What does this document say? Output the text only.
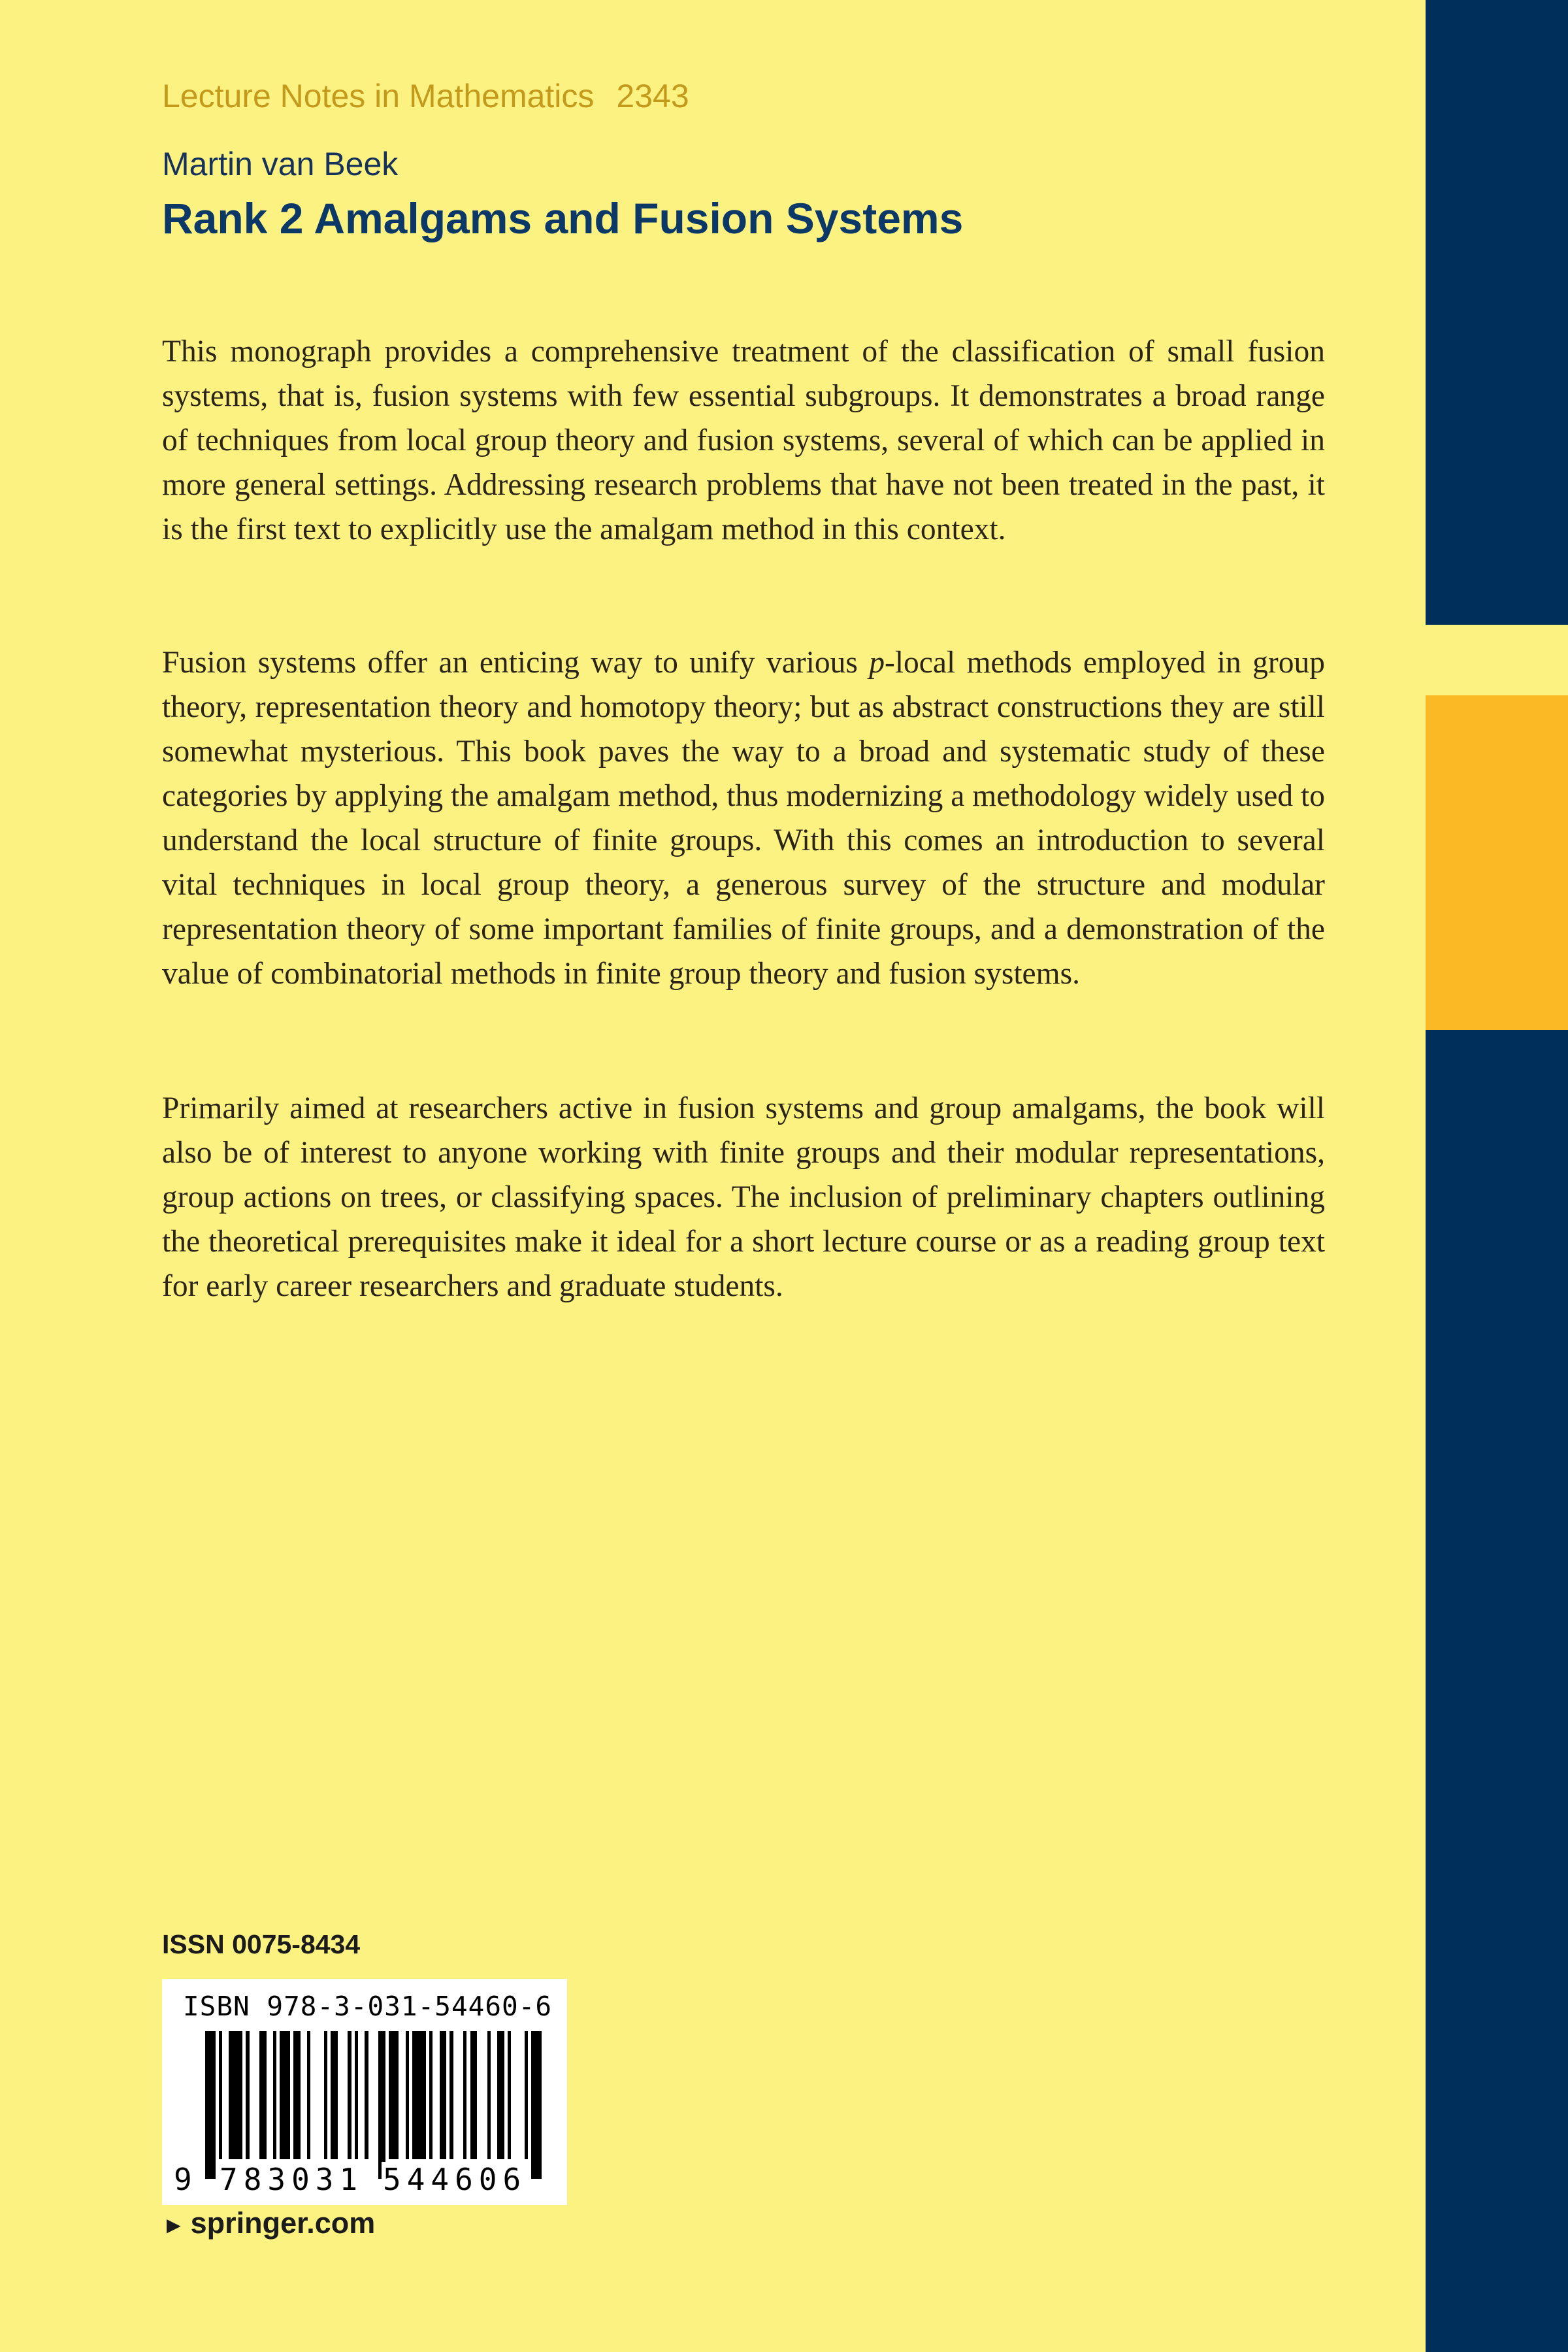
Lecture Notes in Mathematics 2343
Martin van Beek
Rank 2 Amalgams and Fusion Systems

This monograph provides a comprehensive treatment of the classification of small fusion systems, that is, fusion systems with few essential subgroups. It demonstrates a broad range of techniques from local group theory and fusion systems, several of which can be applied in more general settings. Addressing research problems that have not been treated in the past, it is the first text to explicitly use the amalgam method in this context.

Fusion systems offer an enticing way to unify various p-local methods employed in group theory, representation theory and homotopy theory; but as abstract constructions they are still somewhat mysterious. This book paves the way to a broad and systematic study of these categories by applying the amalgam method, thus modernizing a methodology widely used to understand the local structure of finite groups. With this comes an introduction to several vital techniques in local group theory, a generous survey of the structure and modular representation theory of some important families of finite groups, and a demonstration of the value of combinatorial methods in finite group theory and fusion systems.

Primarily aimed at researchers active in fusion systems and group amalgams, the book will also be of interest to anyone working with finite groups and their modular representations, group actions on trees, or classifying spaces. The inclusion of preliminary chapters outlining the theoretical prerequisites make it ideal for a short lecture course or as a reading group text for early career researchers and graduate students.

ISSN 0075-8434
ISBN 978-3-031-54460-6
9 783031 544606
► springer.com
